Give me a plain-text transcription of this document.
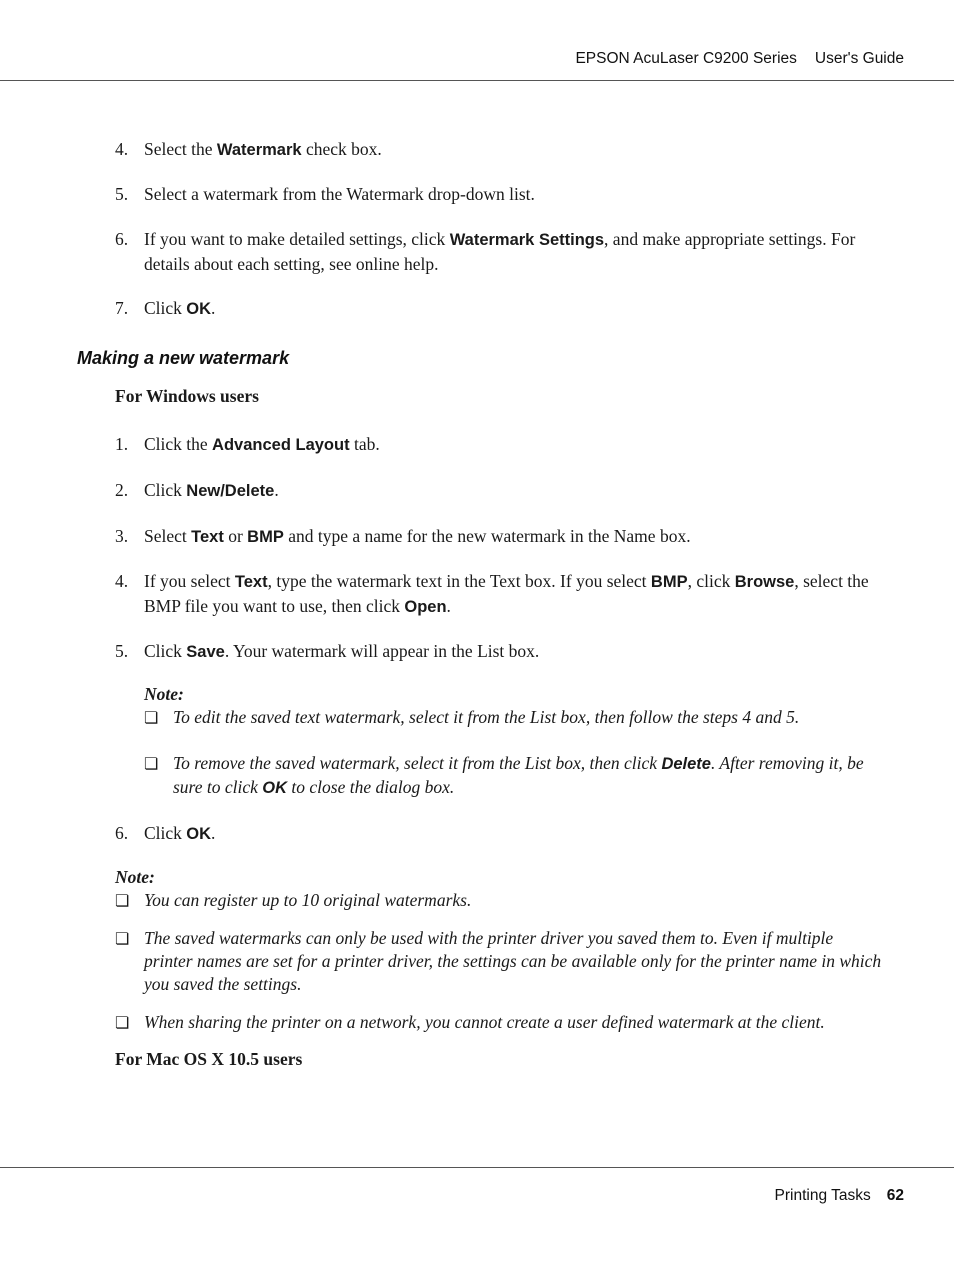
EPSON AcuLaser C9200 Series User's Guide
4. Select the Watermark check box.
5. Select a watermark from the Watermark drop-down list.
6. If you want to make detailed settings, click Watermark Settings, and make appropriate settings. For details about each setting, see online help.
7. Click OK.
Making a new watermark
For Windows users
1. Click the Advanced Layout tab.
2. Click New/Delete.
3. Select Text or BMP and type a name for the new watermark in the Name box.
4. If you select Text, type the watermark text in the Text box. If you select BMP, click Browse, select the BMP file you want to use, then click Open.
5. Click Save. Your watermark will appear in the List box.
Note:
❏ To edit the saved text watermark, select it from the List box, then follow the steps 4 and 5.
❏ To remove the saved watermark, select it from the List box, then click Delete. After removing it, be sure to click OK to close the dialog box.
6. Click OK.
Note:
❏ You can register up to 10 original watermarks.
❏ The saved watermarks can only be used with the printer driver you saved them to. Even if multiple printer names are set for a printer driver, the settings can be available only for the printer name in which you saved the settings.
❏ When sharing the printer on a network, you cannot create a user defined watermark at the client.
For Mac OS X 10.5 users
Printing Tasks 62
